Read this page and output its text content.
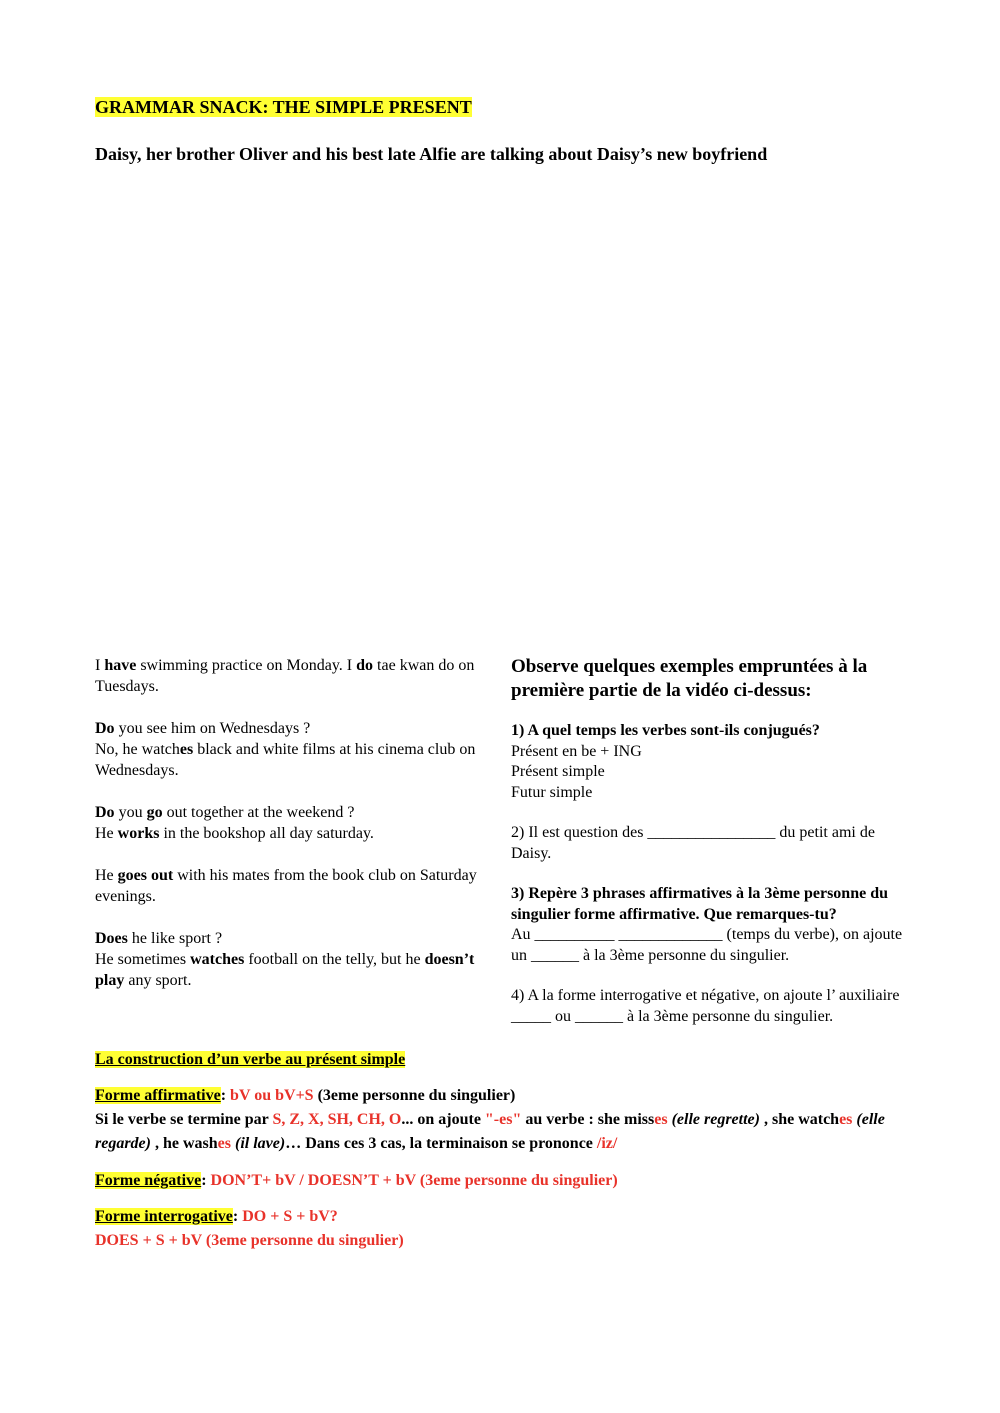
GRAMMAR SNACK: THE SIMPLE PRESENT
Daisy, her brother Oliver and his best late Alfie are talking about Daisy’s new boyfriend

I have swimming practice on Monday. I do tae kwan do on Tuesdays.

Do you see him on Wednesdays ?
No, he watches black and white films at his cinema club on Wednesdays.

Do you go out together at the weekend ?
He works in the bookshop all day saturday.

He goes out with his mates from the book club on Saturday evenings.

Does he like sport ?
He sometimes watches football on the telly, but he doesn’t play any sport.

Observe quelques exemples empruntées à la première partie de la vidéo ci-dessus:

1) A quel temps les verbes sont-ils conjugués?
Présent en be + ING
Présent simple
Futur simple

2) Il est question des ________________ du petit ami de Daisy.

3) Repère 3 phrases affirmatives à la 3ème personne du singulier forme affirmative. Que remarques-tu?
Au __________ _____________ (temps du verbe), on ajoute un ______ à la 3ème personne du singulier.

4) A la forme interrogative et négative, on ajoute l’ auxiliaire _____ ou ______ à la 3ème personne du singulier.

La construction d’un verbe au présent simple
Forme affirmative: bV ou bV+S (3eme personne du singulier)
Si le verbe se termine par S, Z, X, SH, CH, O... on ajoute "-es" au verbe : she misses (elle regrette) , she watches (elle regarde) , he washes (il lave)… Dans ces 3 cas, la terminaison se prononce /iz/
Forme négative: DON’T+ bV / DOESN’T + bV (3eme personne du singulier)
Forme interrogative: DO + S + bV?
DOES + S + bV (3eme personne du singulier)
